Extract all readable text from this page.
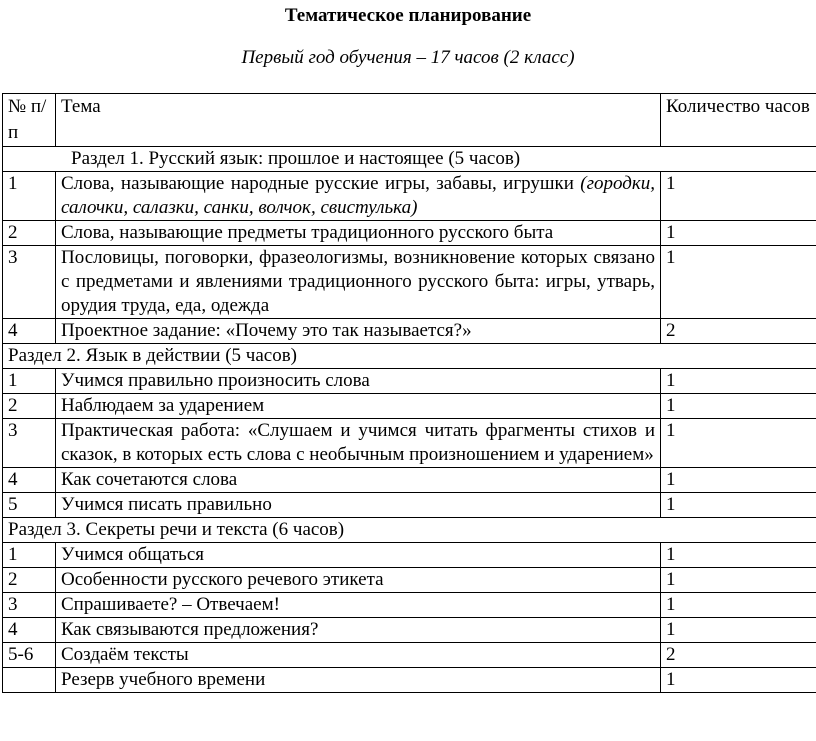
Тематическое планирование
Первый год обучения – 17 часов (2 класс)
№ п/п	Тема	Количество часов
Раздел 1. Русский язык: прошлое и настоящее (5 часов)		
1	Слова, называющие народные русские игры, забавы, игрушки (городки, салочки, салазки, санки, волчок, свистулька)	1
2	Слова, называющие предметы традиционного русского быта	1
3	Пословицы, поговорки, фразеологизмы, возникновение которых связано с предметами и явлениями традиционного русского быта: игры, утварь, орудия труда, еда, одежда	1
4	Проектное задание: «Почему это так называется?»	2
Раздел 2. Язык в действии (5 часов)		
1	Учимся правильно произносить слова	1
2	Наблюдаем за ударением	1
3	Практическая работа: «Слушаем и учимся читать фрагменты стихов и сказок, в которых есть слова с необычным произношением и ударением»	1
4	Как сочетаются слова	1
5	Учимся писать правильно	1
Раздел 3. Секреты речи и текста (6 часов)		
1	Учимся общаться	1
2	Особенности русского речевого этикета	1
3	Спрашиваете? – Отвечаем!	1
4	Как связываются предложения?	1
5-6	Создаём тексты	2
	Резерв учебного времени	1
